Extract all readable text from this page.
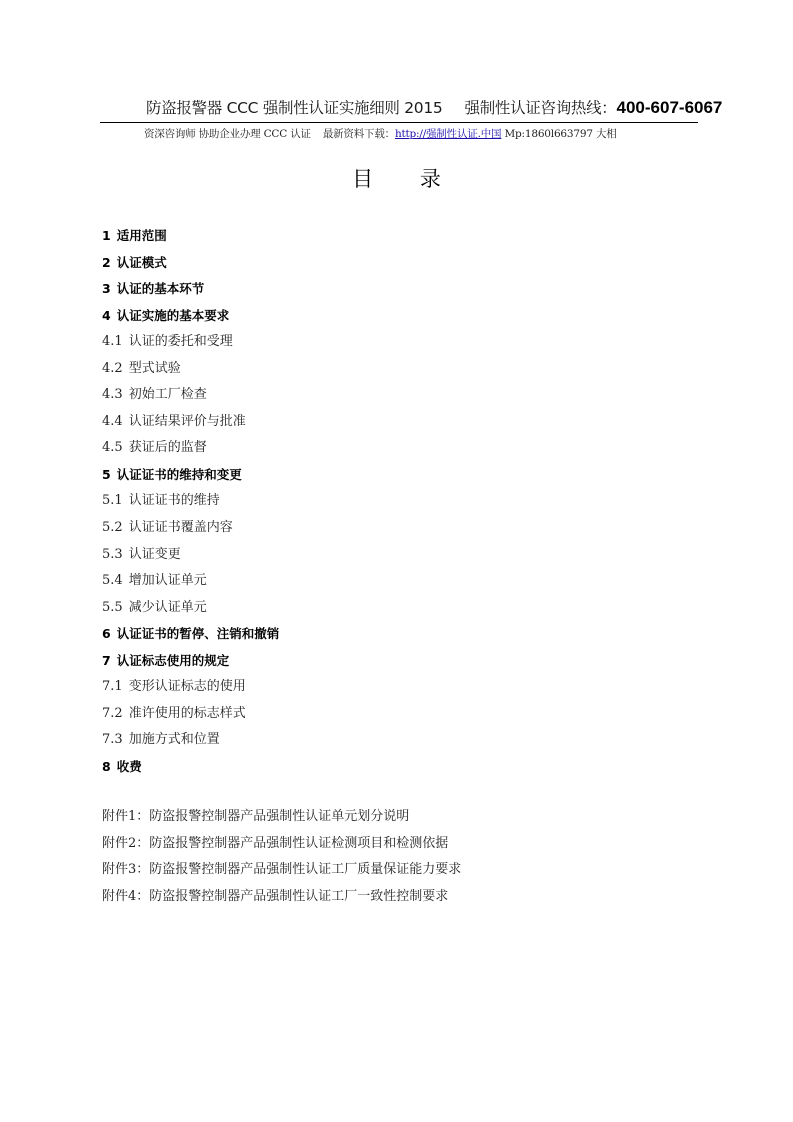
防盗报警器 CCC 强制性认证实施细则 2015 强制性认证咨询热线： 400-607-6067
资深咨询师 协助企业办理 CCC 认证 最新资料下载：http://强制性认证.中国 Mp:1860l663797 大相
目 录
1 适用范围
2 认证模式
3 认证的基本环节
4 认证实施的基本要求
4.1 认证的委托和受理
4.2 型式试验
4.3 初始工厂检查
4.4 认证结果评价与批准
4.5 获证后的监督
5 认证证书的维持和变更
5.1 认证证书的维持
5.2 认证证书覆盖内容
5.3 认证变更
5.4 增加认证单元
5.5 减少认证单元
6 认证证书的暂停、注销和撤销
7 认证标志使用的规定
7.1 变形认证标志的使用
7.2 准许使用的标志样式
7.3 加施方式和位置
8 收费
附件1：防盗报警控制器产品强制性认证单元划分说明
附件2：防盗报警控制器产品强制性认证检测项目和检测依据
附件3：防盗报警控制器产品强制性认证工厂质量保证能力要求
附件4：防盗报警控制器产品强制性认证工厂一致性控制要求
